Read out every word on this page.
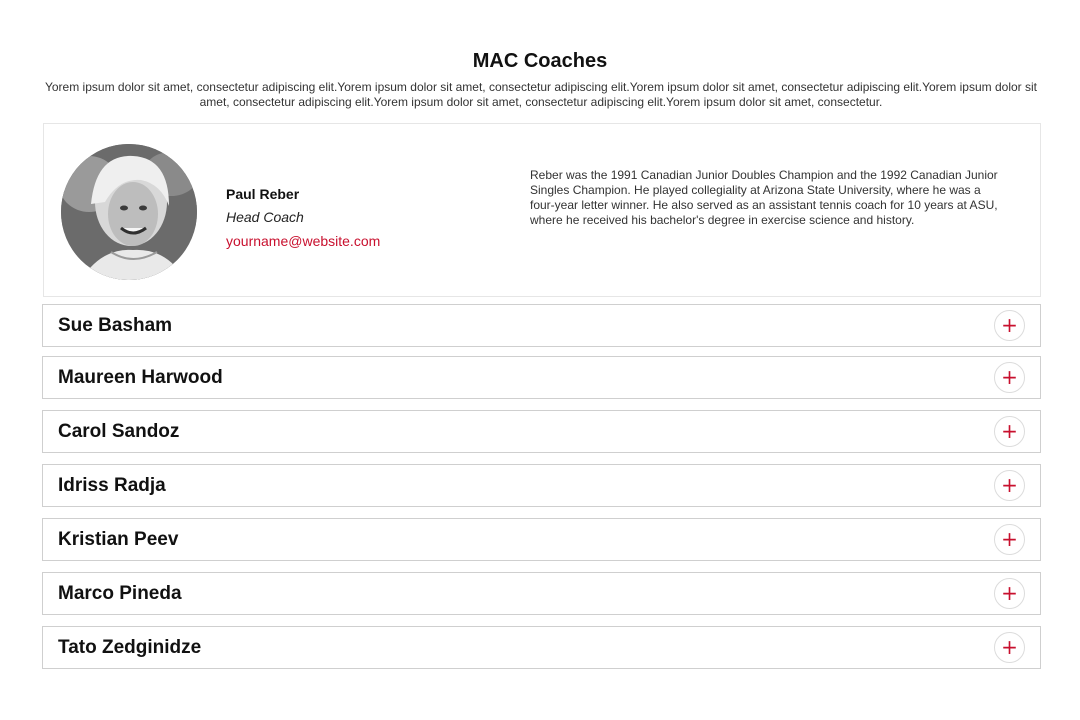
MAC Coaches

Yorem ipsum dolor sit amet, consectetur adipiscing elit.Yorem ipsum dolor sit amet, consectetur adipiscing elit.Yorem ipsum dolor sit amet, consectetur adipiscing elit.Yorem ipsum dolor sit amet, consectetur adipiscing elit.Yorem ipsum dolor sit amet, consectetur adipiscing elit.Yorem ipsum dolor sit amet, consectetur.

Paul Reber
Head Coach
yourname@website.com

Reber was the 1991 Canadian Junior Doubles Champion and the 1992 Canadian Junior Singles Champion. He played collegiality at Arizona State University, where he was a four-year letter winner. He also served as an assistant tennis coach for 10 years at ASU, where he received his bachelor's degree in exercise science and history.

Sue Basham	+
Maureen Harwood	+
Carol Sandoz	+
Idriss Radja	+
Kristian Peev	+
Marco Pineda	+
Tato Zedginidze	+
